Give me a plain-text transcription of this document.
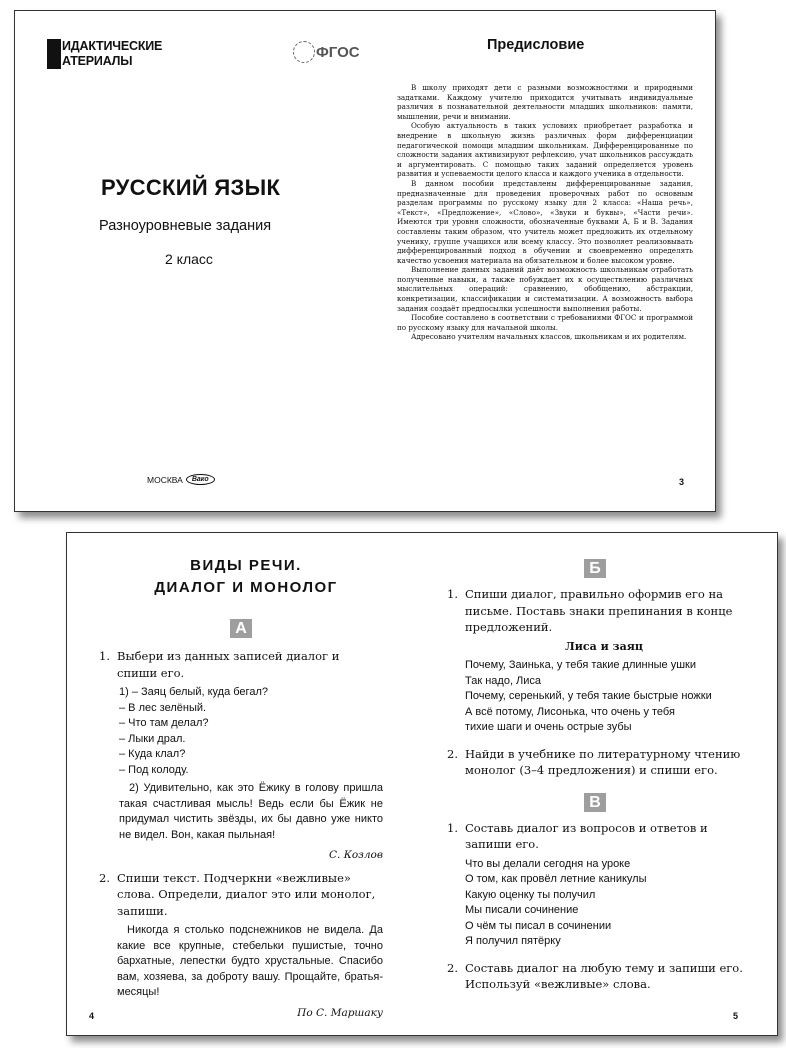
ИДАКТИЧЕСКИЕ
АТЕРИАЛЫ
ФГОС
РУССКИЙ ЯЗЫК
Разноуровневые задания
2 класс
МОСКВА	Вако
Предисловие

В школу приходят дети с разными возможностями и природными задатками. Каждому учителю приходится учитывать индивидуальные различия в познавательной деятельности младших школьников: памяти, мышлении, речи и внимании.

Особую актуальность в таких условиях приобретает разработка и внедрение в школьную жизнь различных форм дифференциации педагогической помощи младшим школьникам. Дифференцированные по сложности задания активизируют рефлексию, учат школьников рассуждать и аргументировать. С помощью таких заданий определяется уровень развития и успеваемости целого класса и каждого ученика в отдельности.

В данном пособии представлены дифференцированные задания, предназначенные для проведения проверочных работ по основным разделам программы по русскому языку для 2 класса: «Наша речь», «Текст», «Предложение», «Слово», «Звуки и буквы», «Части речи». Имеются три уровня сложности, обозначенные буквами А, Б и В. Задания составлены таким образом, что учитель может предложить их отдельному ученику, группе учащихся или всему классу. Это позволяет реализовывать дифференцированный подход в обучении и своевременно определять качество усвоения материала на обязательном и более высоком уровне.

Выполнение данных заданий даёт возможность школьникам отработать полученные навыки, а также побуждает их к осуществлению различных мыслительных операций: сравнению, обобщению, абстракции, конкретизации, классификации и систематизации. А возможность выбора задания создаёт предпосылки успешности выполнения работы.

Пособие составлено в соответствии с требованиями ФГОС и программой по русскому языку для начальной школы.

Адресовано учителям начальных классов, школьникам и их родителям.

3
ВИДЫ РЕЧИ.
ДИАЛОГ И МОНОЛОГ
А
1. Выбери из данных записей диалог и спиши его.

1) – Заяц белый, куда бегал?

– В лес зелёный.

– Что там делал?

– Лыки драл.

– Куда клал?

– Под колоду.

2) Удивительно, как это Ёжику в голову пришла такая счастливая мысль! Ведь если бы Ёжик не придумал чистить звёзды, их бы давно уже никто не видел. Вон, какая пыльная!

С. Козлов
2. Спиши текст. Подчеркни «вежливые» слова. Определи, диалог это или монолог, запиши.

Никогда я столько подснежников не видела. Да какие все крупные, стебельки пушистые, точно бархатные, лепестки будто хрустальные. Спасибо вам, хозяева, за доброту вашу. Прощайте, братья-месяцы!

По С. Маршаку
Б
1. Спиши диалог, правильно оформив его на письме. Поставь знаки препинания в конце предложений.
Лиса и заяц

Почему, Заинька, у тебя такие длинные ушки

Так надо, Лиса

Почему, серенький, у тебя такие быстрые ножки

А всё потому, Лисонька, что очень у тебя

тихие шаги и очень острые зубы

2. Найди в учебнике по литературному чтению монолог (3–4 предложения) и спиши его.
В
1. Составь диалог из вопросов и ответов и запиши его.

Что вы делали сегодня на уроке

О том, как провёл летние каникулы

Какую оценку ты получил

Мы писали сочинение

О чём ты писал в сочинении

Я получил пятёрку

2. Составь диалог на любую тему и запиши его. Используй «вежливые» слова.
4	5
